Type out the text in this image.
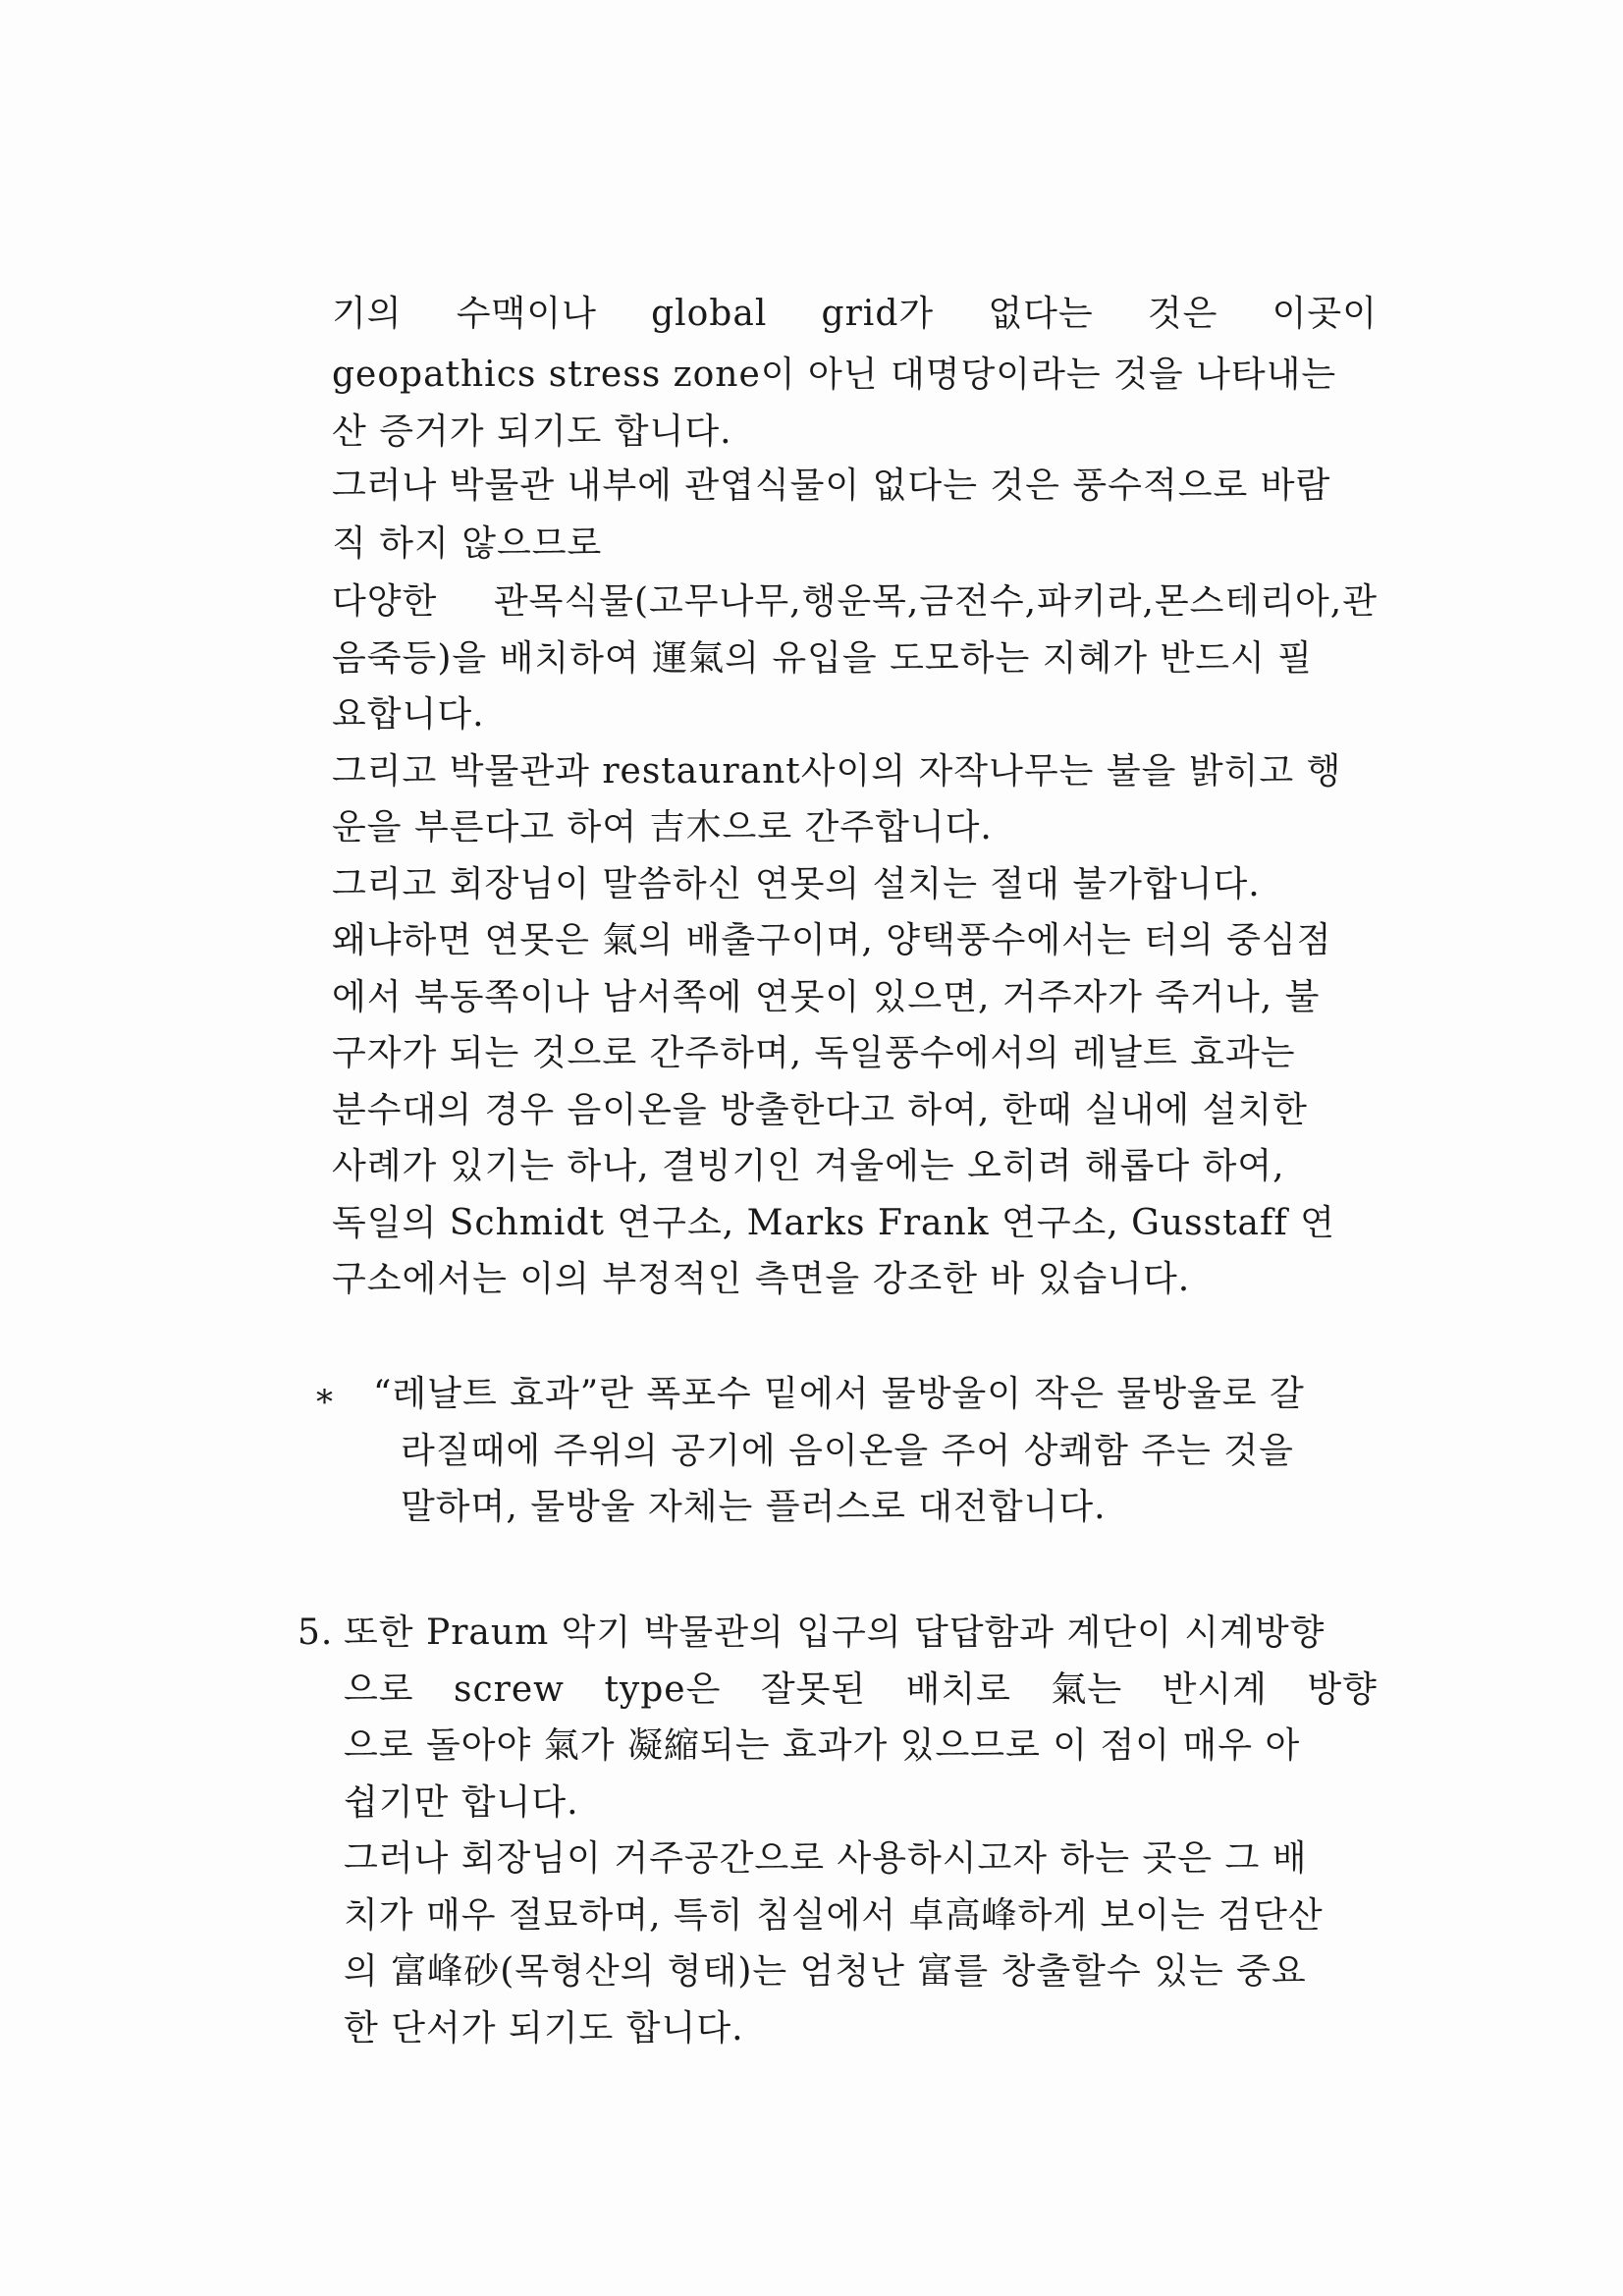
기의 수맥이나 global grid가 없다는 것은 이곳이
geopathics stress zone이 아닌 대명당이라는 것을 나타내는
산 증거가 되기도 합니다.
그러나 박물관 내부에 관엽식물이 없다는 것은 풍수적으로 바람
직 하지 않으므로
다양한 관목식물(고무나무,행운목,금전수,파키라,몬스테리아,관
음죽등)을 배치하여 運氣의 유입을 도모하는 지혜가 반드시 필
요합니다.
그리고 박물관과 restaurant사이의 자작나무는 불을 밝히고 행
운을 부른다고 하여 吉木으로 간주합니다.
그리고 회장님이 말씀하신 연못의 설치는 절대 불가합니다.
왜냐하면 연못은 氣의 배출구이며, 양택풍수에서는 터의 중심점
에서 북동쪽이나 남서쪽에 연못이 있으면, 거주자가 죽거나, 불
구자가 되는 것으로 간주하며, 독일풍수에서의 레날트 효과는
분수대의 경우 음이온을 방출한다고 하여, 한때 실내에 설치한
사례가 있기는 하나, 결빙기인 겨울에는 오히려 해롭다 하여,
독일의 Schmidt 연구소, Marks Frank 연구소, Gusstaff 연
구소에서는 이의 부정적인 측면을 강조한 바 있습니다.
* “레날트 효과”란 폭포수 밑에서 물방울이 작은 물방울로 갈
라질때에 주위의 공기에 음이온을 주어 상쾌함 주는 것을
말하며, 물방울 자체는 플러스로 대전합니다.
5. 또한 Praum 악기 박물관의 입구의 답답함과 계단이 시계방향
으로 screw type은 잘못된 배치로 氣는 반시계 방향
으로 돌아야 氣가 凝縮되는 효과가 있으므로 이 점이 매우 아
쉽기만 합니다.
그러나 회장님이 거주공간으로 사용하시고자 하는 곳은 그 배
치가 매우 절묘하며, 특히 침실에서 卓高峰하게 보이는 검단산
의 富峰砂(목형산의 형태)는 엄청난 富를 창출할수 있는 중요
한 단서가 되기도 합니다.
